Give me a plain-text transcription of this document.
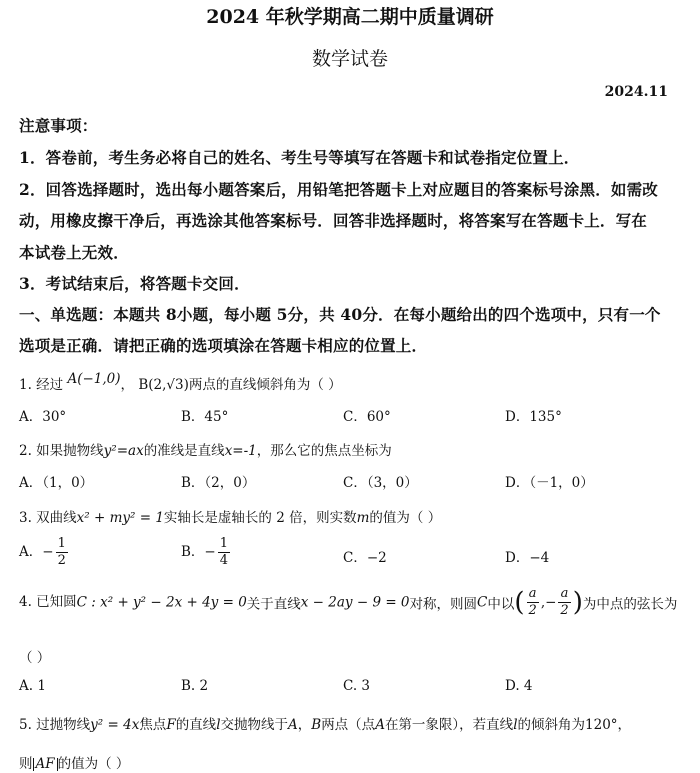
2024 年秋学期高二期中质量调研
数学试卷
2024.11
注意事项：
1．答卷前，考生务必将自己的姓名、考生号等填写在答题卡和试卷指定位置上．
2．回答选择题时，选出每小题答案后，用铅笔把答题卡上对应题目的答案标号涂黑．如需改
动，用橡皮擦干净后，再选涂其他答案标号．回答非选择题时，将答案写在答题卡上．写在
本试卷上无效．
3．考试结束后，将答题卡交回．
一、单选题：本题共 8小题，每小题 5分，共 40分．在每小题给出的四个选项中，只有一个
选项是正确．请把正确的选项填涂在答题卡相应的位置上．
1. 经过 A(−1,0)， B(2,√3)两点的直线倾斜角为（ ）
A．30°	B．45°	C．60°	D．135°
2. 如果抛物线y²=ax的准线是直线x=-1，那么它的焦点坐标为
A．（1，0）	B．（2，0）	C．（3，0）	D．（－1，0）
3. 双曲线x² + my² = 1实轴长是虚轴长的 2 倍，则实数m的值为（ ）
A．− $\frac{1}{2}$	B．− $\frac{1}{4}$	C．−2	D．−4
4. 已知圆C : x² + y² − 2x + 4y = 0关于直线x − 2ay − 9 = 0对称，则圆C中以( $\frac{a}{2}$ ,− $\frac{a}{2}$ )为中点的弦长为
（ ）
A. 1	B. 2	C. 3	D. 4
5. 过抛物线y² = 4x焦点F的直线l交抛物线于A，B两点（点A在第一象限），若直线l的倾斜角为120°，
则 AF 的值为（ ）
